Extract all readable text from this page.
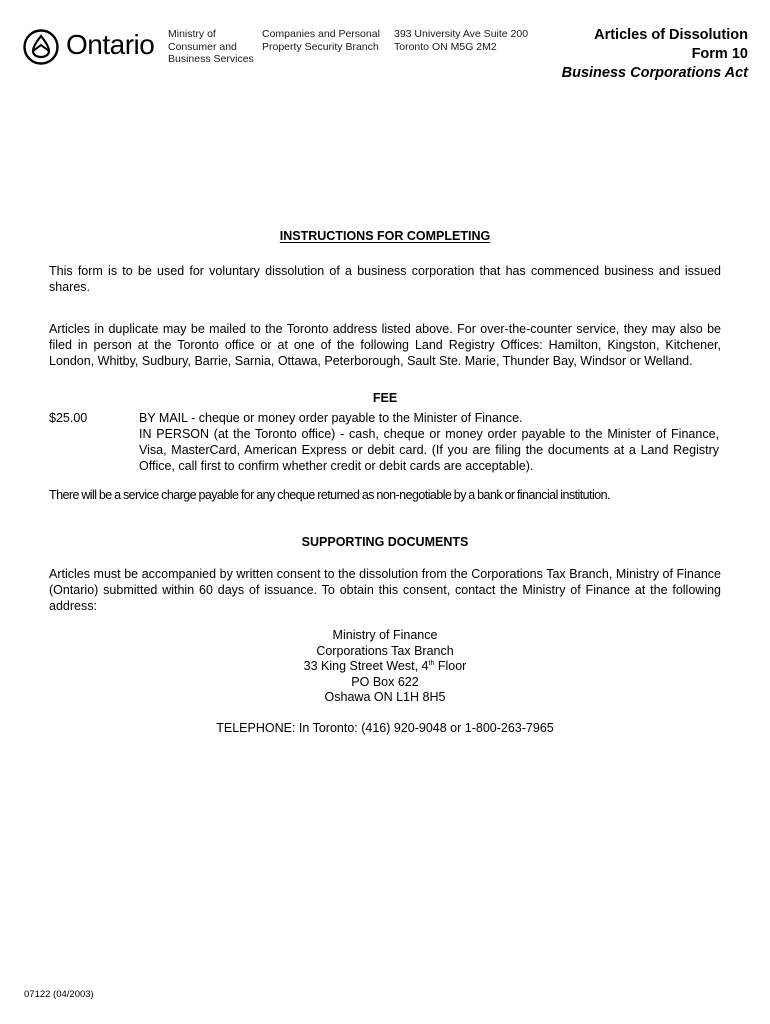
Ontario Ministry of
Consumer and
Business Services
Companies and Personal
Property Security Branch
393 University Ave Suite 200
Toronto ON M5G 2M2
Articles of Dissolution
Form 10
Business Corporations Act
INSTRUCTIONS FOR COMPLETING
This form is to be used for voluntary dissolution of a business corporation that has commenced business and issued shares.
Articles in duplicate may be mailed to the Toronto address listed above. For over-the-counter service, they may also be filed in person at the Toronto office or at one of the following Land Registry Offices: Hamilton, Kingston, Kitchener, London, Whitby, Sudbury, Barrie, Sarnia, Ottawa, Peterborough, Sault Ste. Marie, Thunder Bay, Windsor or Welland.
FEE
$25.00	BY MAIL - cheque or money order payable to the Minister of Finance.
IN PERSON (at the Toronto office) - cash, cheque or money order payable to the Minister of Finance, Visa, MasterCard, American Express or debit card. (If you are filing the documents at a Land Registry Office, call first to confirm whether credit or debit cards are acceptable).
There will be a service charge payable for any cheque returned as non-negotiable by a bank or financial institution.
SUPPORTING DOCUMENTS
Articles must be accompanied by written consent to the dissolution from the Corporations Tax Branch, Ministry of Finance (Ontario) submitted within 60 days of issuance. To obtain this consent, contact the Ministry of Finance at the following address:
Ministry of Finance
Corporations Tax Branch
33 King Street West, 4th Floor
PO Box 622
Oshawa ON L1H 8H5
TELEPHONE: In Toronto: (416) 920-9048 or 1-800-263-7965
07122 (04/2003)
